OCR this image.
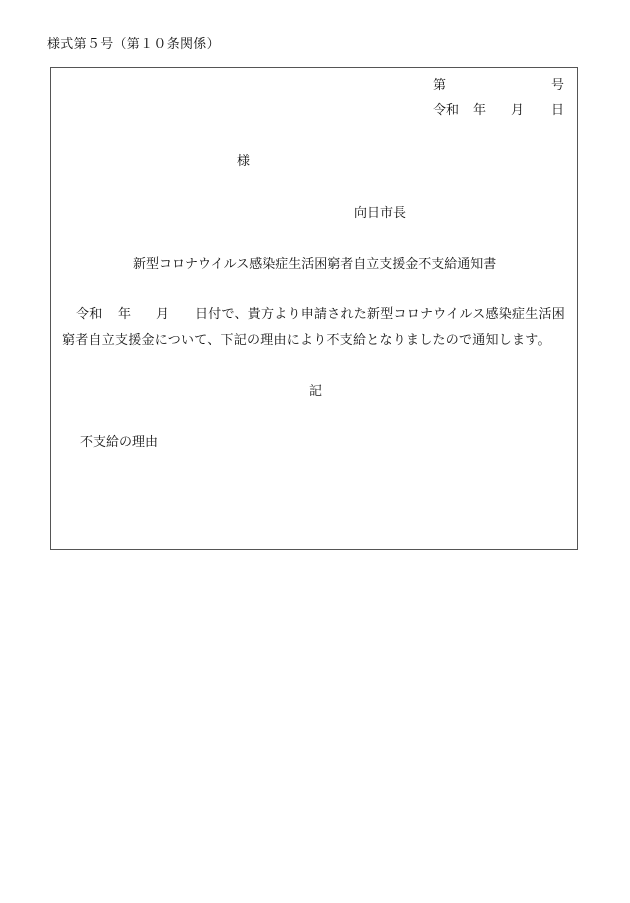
様式第５号（第１０条関係）
第	号
令和 年 月 日
様
向日市長
新型コロナウイルス感染症生活困窮者自立支援金不支給通知書
令和 年 月 日付で、貴方より申請された新型コロナウイルス感染症生活困
窮者自立支援金について、下記の理由により不支給となりましたので通知します。
記
不支給の理由
